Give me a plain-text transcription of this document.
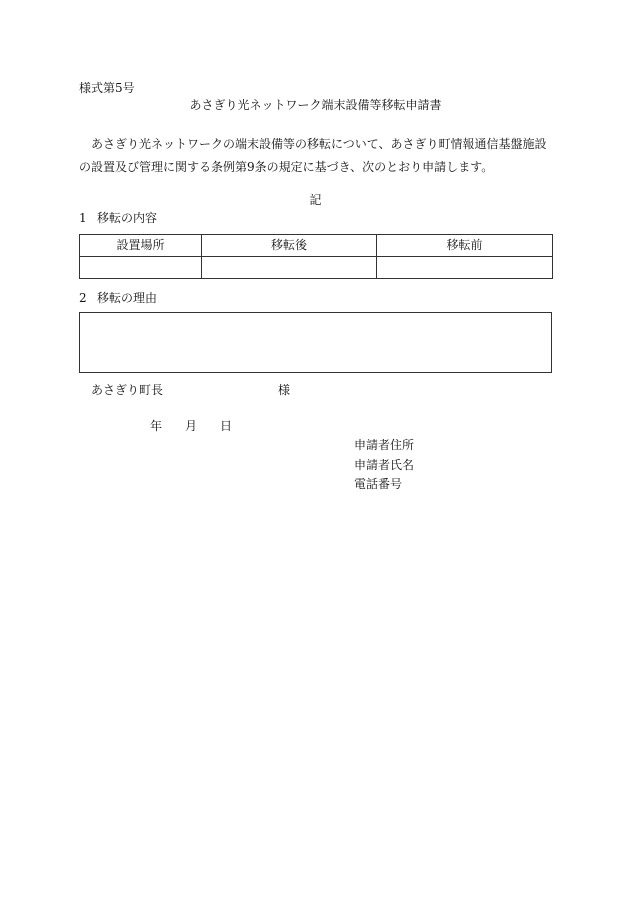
様式第5号
あさぎり光ネットワーク端末設備等移転申請書
あさぎり光ネットワークの端末設備等の移転について、あさぎり町情報通信基盤施設の設置及び管理に関する条例第9条の規定に基づき、次のとおり申請します。
記
1 移転の内容
設置場所	移転後	移転前

2 移転の理由
あさぎり町長	様
年 月 日
申請者住所
申請者氏名
電話番号
